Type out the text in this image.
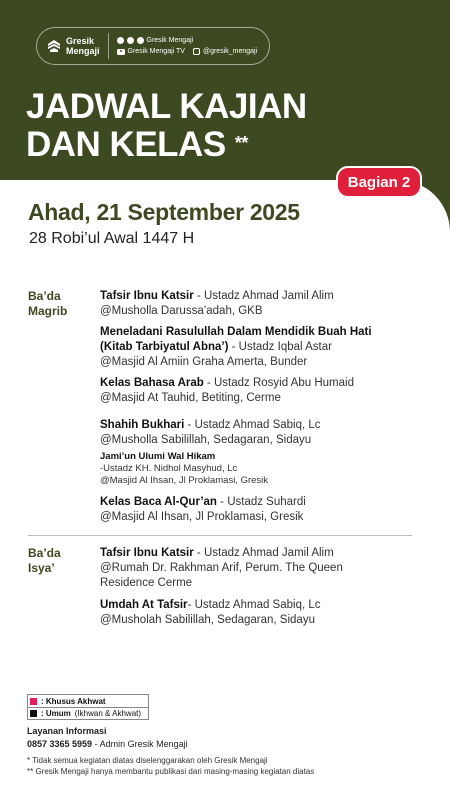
Gresik
Mengaji
Gresik Mengaji
Gresik Mengaji TV	@gresik_mengaji
JADWAL KAJIAN
DAN KELAS **
Bagian 2
Ahad, 21 September 2025
28 Robi’ul Awal 1447 H
Ba’da
Magrib
Tafsir Ibnu Katsir - Ustadz Ahmad Jamil Alim
@Musholla Darussa’adah, GKB
Meneladani Rasulullah Dalam Mendidik Buah Hati
(Kitab Tarbiyatul Abna’) - Ustadz Iqbal Astar
@Masjid Al Amiin Graha Amerta, Bunder
Kelas Bahasa Arab - Ustadz Rosyid Abu Humaid
@Masjid At Tauhid, Betiting, Cerme
Shahih Bukhari - Ustadz Ahmad Sabiq, Lc
@Musholla Sabilillah, Sedagaran, Sidayu
Jami’un Ulumi Wal Hikam
-Ustadz KH. Nidhol Masyhud, Lc
@Masjid Al Ihsan, Jl Proklamasi, Gresik
Kelas Baca Al-Qur’an - Ustadz Suhardi
@Masjid Al Ihsan, Jl Proklamasi, Gresik
Ba’da
Isya’
Tafsir Ibnu Katsir - Ustadz Ahmad Jamil Alim
@Rumah Dr. Rakhman Arif, Perum. The Queen
Residence Cerme
Umdah At Tafsir- Ustadz Ahmad Sabiq, Lc
@Musholah Sabilillah, Sedagaran, Sidayu
: Khusus Akhwat
: Umum (Ikhwan & Akhwat)
Layanan Informasi
0857 3365 5959 - Admin Gresik Mengaji
* Tidak semua kegiatan diatas diselenggarakan oleh Gresik Mengaji
** Gresik Mengaji hanya membantu publikasi dari masing-masing kegiatan diatas
